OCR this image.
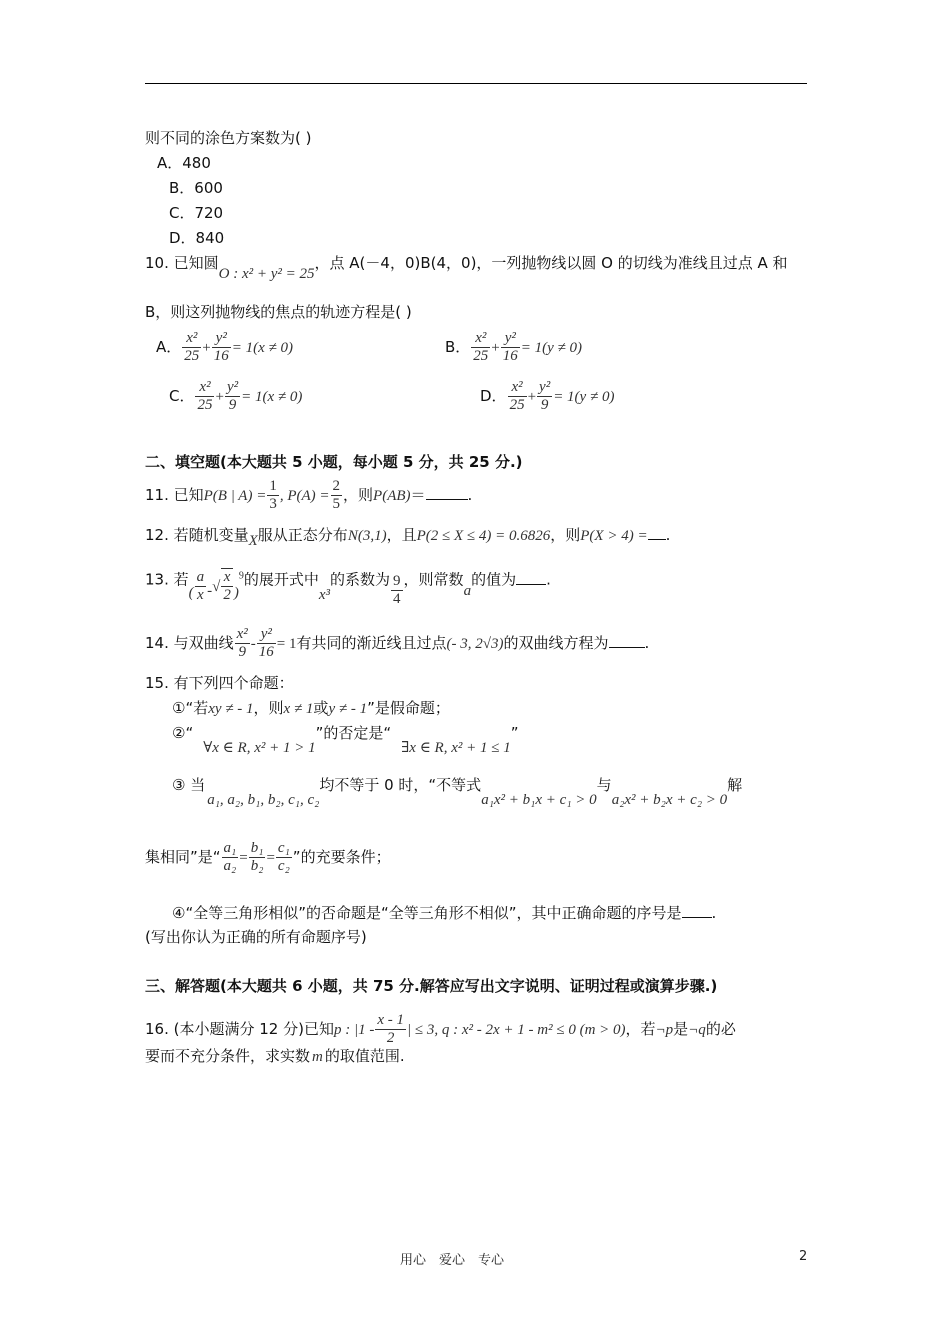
则不同的涂色方案数为( )
A．480
B．600
C．720
D．840
10. 已知圆O : x² + y² = 25，点 A(－4，0)B(4，0)，一列抛物线以圆 O 的切线为准线且过点 A 和
B，则这列抛物线的焦点的轨迹方程是( )
A． $\frac{\text{x²}}{25} + \frac{\text{y²}}{16} = 1(x \ne 0)$	B． $\frac{\text{x²}}{25} + \frac{\text{y²}}{16} = 1(y \ne 0)$
C． $\frac{\text{x²}}{25} + \frac{\text{y²}}{9} = 1(x \ne 0)$	D． $\frac{\text{x²}}{25} + \frac{\text{y²}}{9} = 1(y \ne 0)$
二、填空题(本大题共 5 小题，每小题 5 分，共 25 分.)
11. 已知P(B | $A) = \frac{1}{3}$ , $P(A) = \frac{2}{5}$ ，则P(AB)＝	.
12. 若随机变量X服从正态分布N(3,1)，且P(2 ≤ X ≤ 4) = 0.6826，则P(X > 4) = .
13. 若( $\frac{a}{x}$ -√ $\frac{x}{2} )^9$的展开式中x³的系数为 $\frac{9}{4}$ ，则常数a的值为 .
14. 与双曲线 $\frac{\text{x²}}{9} - \frac{\text{y²}}{16} = 1$有共同的渐近线且过点(- 3, 2√3)的双曲线方程为 .
15. 有下列四个命题：
①“若xy ≠ - 1，则x ≠ 1或y ≠ - 1”是假命题；
②“∀x ∈ R, x² + 1 > 1”的否定是“∃x ∈ R, x² + 1 ≤ 1”
③ 当a₁, a₂, b₁, b₂, c₁, c₂均不等于 0 时，“不等式a₁x² + b₁x + c₁ > 0与a₂x² + b₂x + c₂ > 0解
集相同”是“ $\frac{\text{a₁}}{\text{a₂}} = \frac{\text{b₁}}{\text{b₂}} = \frac{\text{c₁}}{\text{c₂}}$ ”的充要条件；
④“全等三角形相似”的否命题是“全等三角形不相似”，其中正确命题的序号是 .
(写出你认为正确的所有命题序号)
三、解答题(本大题共 6 小题，共 75 分.解答应写出文字说明、证明过程或演算步骤.)
16. (本小题满分 12 分)已知p : $|1 - \frac{x - 1}{2}$ | ≤ 3, q : x² - 2x + 1 - m² ≤ 0 (m > 0)，若¬p是¬q的必
要而不充分条件，求实数 m 的取值范围.
用心　爱心　专心	2
